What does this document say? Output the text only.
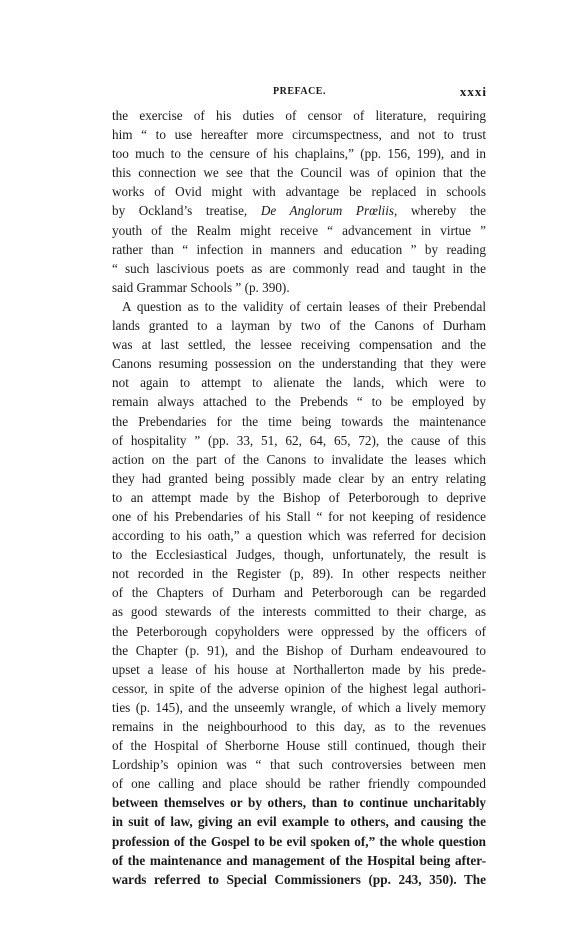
PREFACE.	xxxi
the exercise of his duties of censor of literature, requiring
him “ to use hereafter more circumspectness, and not to trust
too much to the censure of his chaplains,” (pp. 156, 199), and in
this connection we see that the Council was of opinion that the
works of Ovid might with advantage be replaced in schools
by Ockland’s treatise, De Anglorum Prœliis, whereby the
youth of the Realm might receive “ advancement in virtue ”
rather than “ infection in manners and education ” by reading
“ such lascivious poets as are commonly read and taught in the
said Grammar Schools ” (p. 390).
A question as to the validity of certain leases of their Prebendal
lands granted to a layman by two of the Canons of Durham
was at last settled, the lessee receiving compensation and the
Canons resuming possession on the understanding that they were
not again to attempt to alienate the lands, which were to
remain always attached to the Prebends “ to be employed by
the Prebendaries for the time being towards the maintenance
of hospitality ” (pp. 33, 51, 62, 64, 65, 72), the cause of this
action on the part of the Canons to invalidate the leases which
they had granted being possibly made clear by an entry relating
to an attempt made by the Bishop of Peterborough to deprive
one of his Prebendaries of his Stall “ for not keeping of residence
according to his oath,” a question which was referred for decision
to the Ecclesiastical Judges, though, unfortunately, the result is
not recorded in the Register (p, 89). In other respects neither
of the Chapters of Durham and Peterborough can be regarded
as good stewards of the interests committed to their charge, as
the Peterborough copyholders were oppressed by the officers of
the Chapter (p. 91), and the Bishop of Durham endeavoured to
upset a lease of his house at Northallerton made by his prede-
cessor, in spite of the adverse opinion of the highest legal authori-
ties (p. 145), and the unseemly wrangle, of which a lively memory
remains in the neighbourhood to this day, as to the revenues
of the Hospital of Sherborne House still continued, though their
Lordship’s opinion was “ that such controversies between men
of one calling and place should be rather friendly compounded
between themselves or by others, than to continue uncharitably
in suit of law, giving an evil example to others, and causing the
profession of the Gospel to be evil spoken of,” the whole question
of the maintenance and management of the Hospital being after-
wards referred to Special Commissioners (pp. 243, 350). The
